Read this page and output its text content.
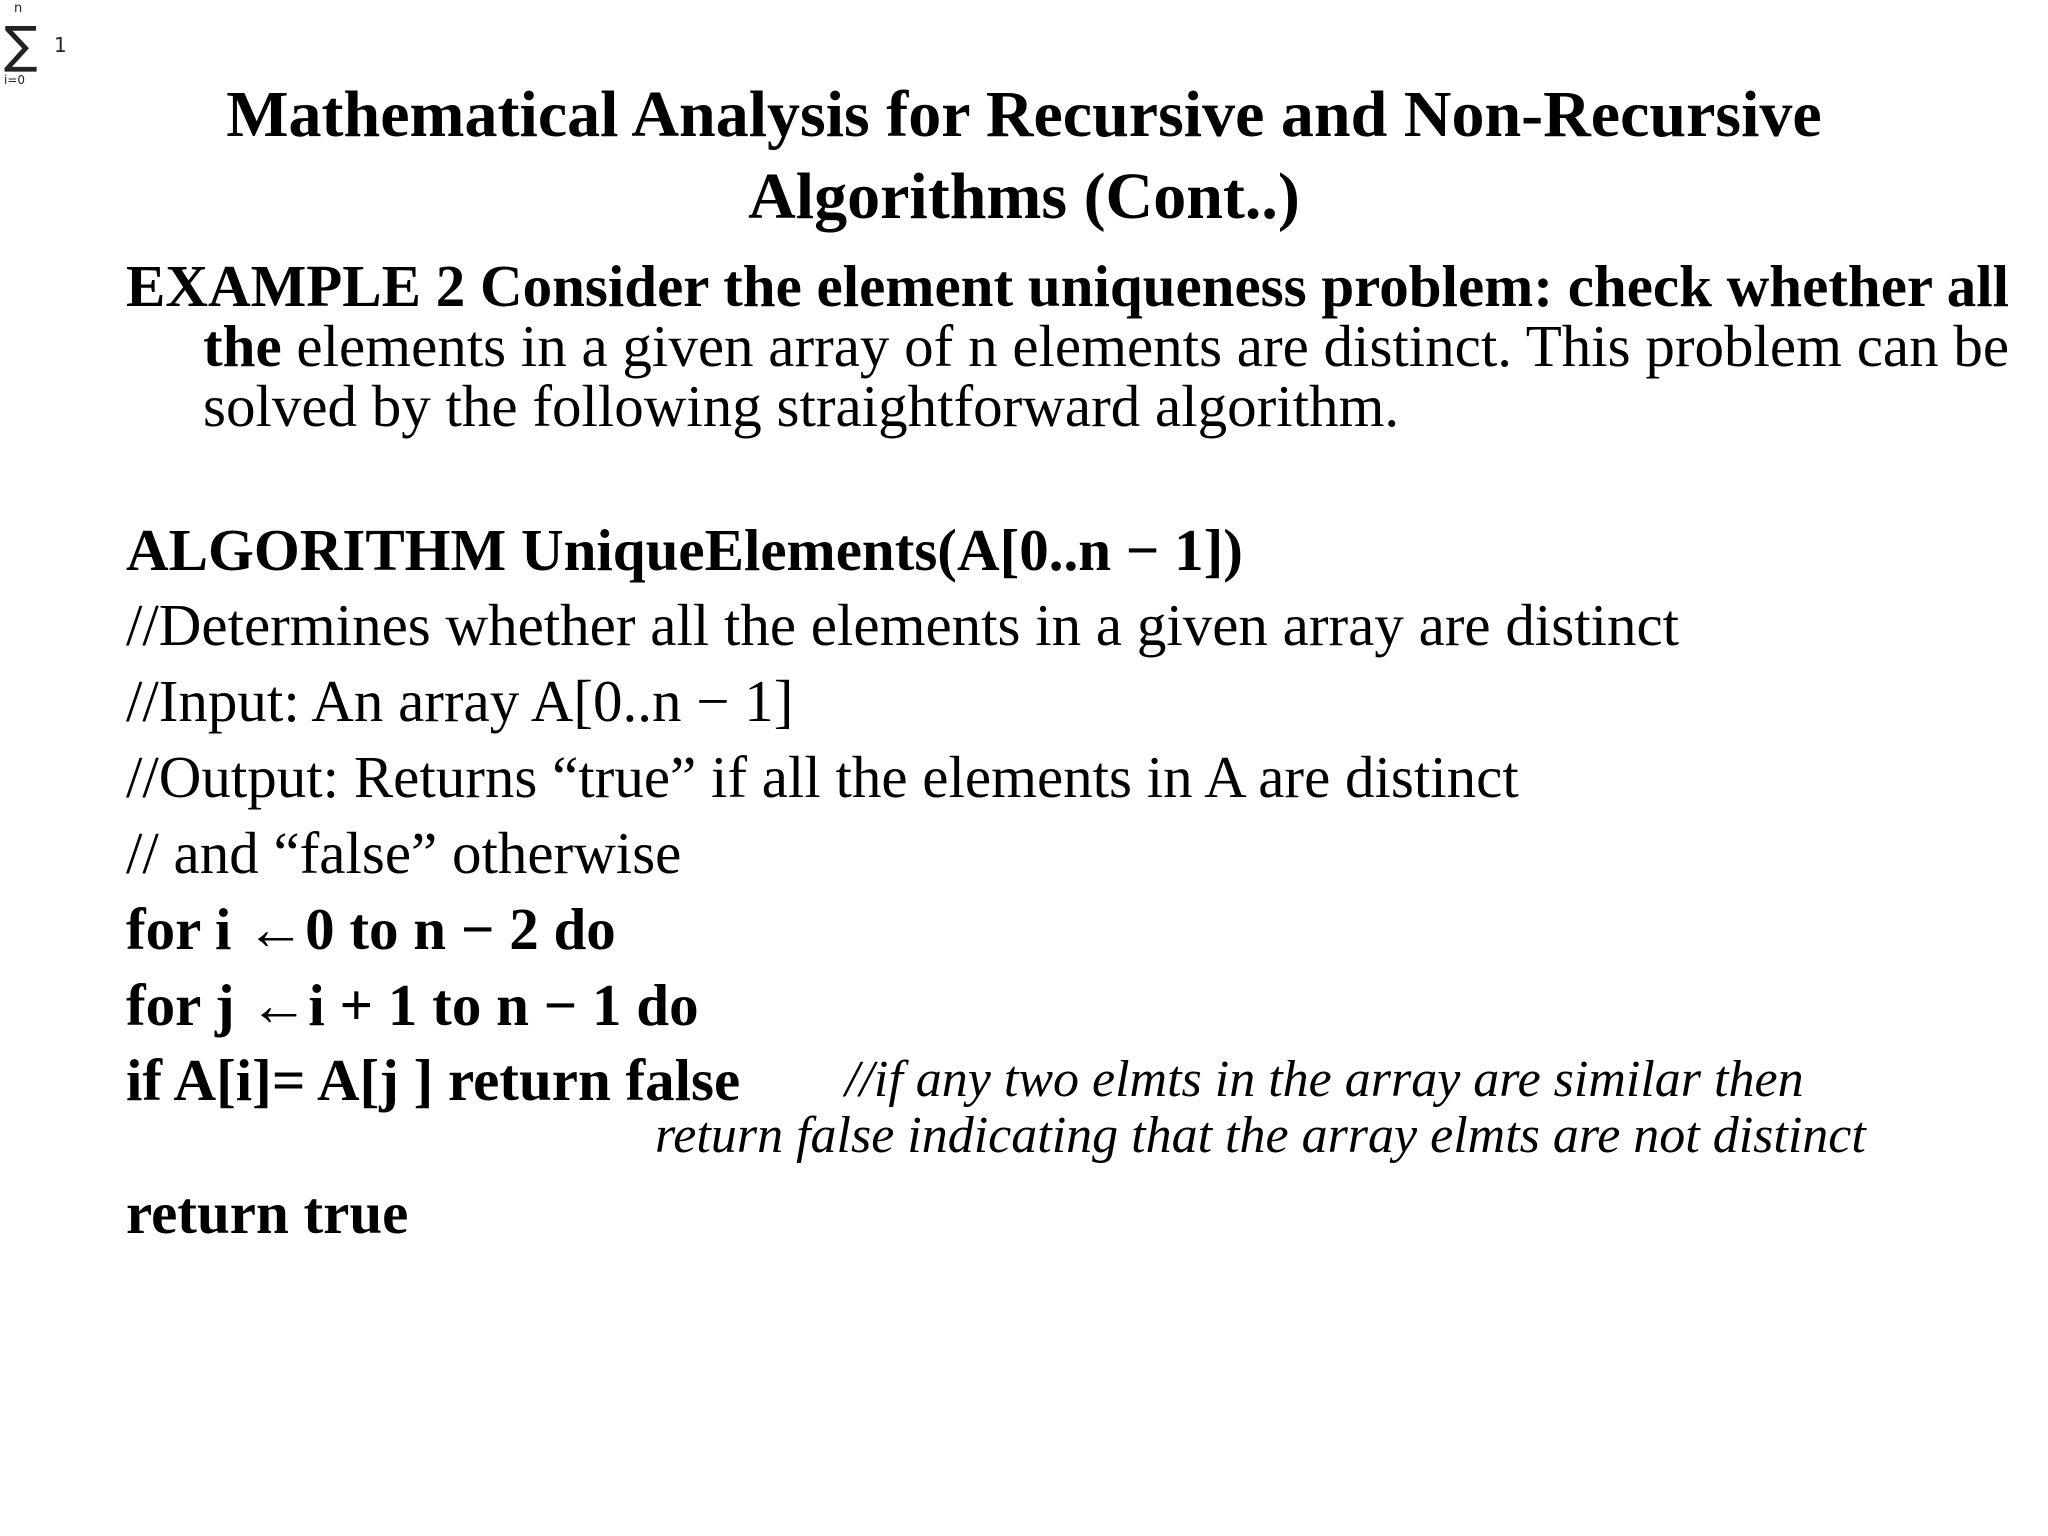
n
∑ 1
i=0	Mathematical Analysis for Recursive and Non-Recursive
Algorithms (Cont..)

EXAMPLE 2 Consider the element uniqueness problem: check whether all the elements in a given array of n elements are distinct. This problem can be solved by the following straightforward algorithm.

ALGORITHM UniqueElements(A[0..n − 1])
//Determines whether all the elements in a given array are distinct
//Input: An array A[0..n − 1]
//Output: Returns “true” if all the elements in A are distinct
// and “false” otherwise
for i ←0 to n − 2 do
for j ←i + 1 to n − 1 do
if A[i]= A[j ] return false //if any two elmts in the array are similar then
return false indicating that the array elmts are not distinct
return true
